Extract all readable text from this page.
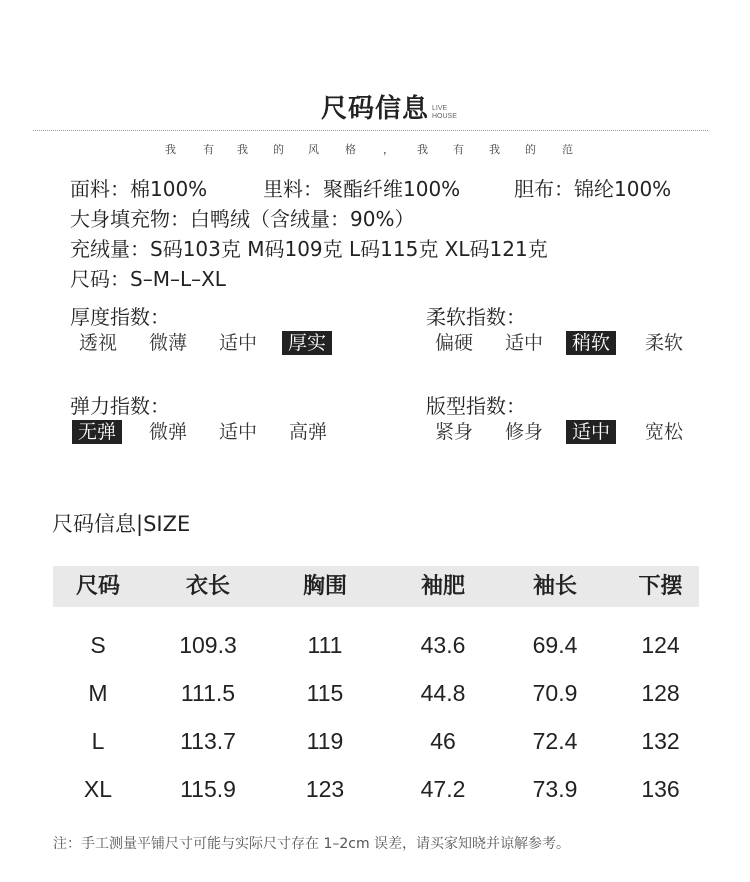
尺码信息 LIVE
HOUSE
我 有 我 的 风 格 ， 我 有 我 的 范
面料：棉100%	里料：聚酯纤维100%	胆布：锦纶100%
大身填充物：白鸭绒（含绒量：90%）
充绒量：S码103克 M码109克 L码115克 XL码121克
尺码：S–M–L–XL
厚度指数：
透视	微薄	适中	厚实
柔软指数：
偏硬	适中	稍软	柔软
弹力指数：
无弹	微弹	适中	高弹
版型指数：
紧身	修身	适中	宽松
尺码信息|SIZE
尺码	衣长	胸围	袖肥	袖长	下摆
S	109.3	111	43.6	69.4	124
M	111.5	115	44.8	70.9	128
L	113.7	119	46	72.4	132
XL	115.9	123	47.2	73.9	136
注：手工测量平铺尺寸可能与实际尺寸存在 1–2cm 误差，请买家知晓并谅解参考。
